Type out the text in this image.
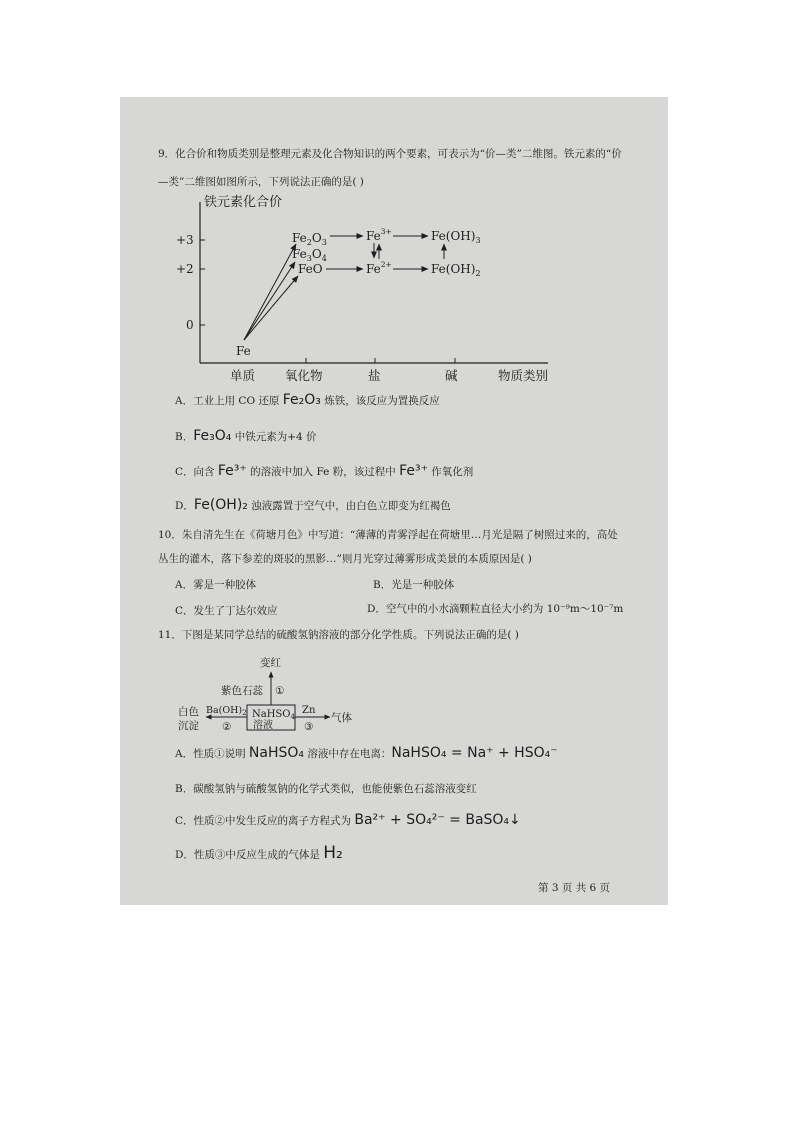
9．化合价和物质类别是整理元素及化合物知识的两个要素，可表示为“价—类”二维图。铁元素的“价
—类”二维图如图所示，下列说法正确的是( )
铁元素化合价
+3
+2
0
单质 氧化物	盐	碱	物质类别
Fe
$Fe_2O_3$
$Fe_3O_4$
FeO
$Fe^{3+}$
$Fe^{2+}$
$Fe(OH)_3$
$Fe(OH)_2$
A．工业上用 CO 还原 Fe₂O₃ 炼铁，该反应为置换反应
B．Fe₃O₄ 中铁元素为+4 价
C．向含 Fe³⁺ 的溶液中加入 Fe 粉，该过程中 Fe³⁺ 作氧化剂
D．Fe(OH)₂ 浊液露置于空气中，由白色立即变为红褐色
10．朱自清先生在《荷塘月色》中写道：“薄薄的青雾浮起在荷塘里…月光是隔了树照过来的，高处
丛生的灌木，落下参差的斑驳的黑影…”则月光穿过薄雾形成美景的本质原因是( )
A．雾是一种胶体	B．光是一种胶体
C．发生了丁达尔效应	D．空气中的小水滴颗粒直径大小约为 10⁻⁹m～10⁻⁷m
11．下图是某同学总结的硫酸氢钠溶液的部分化学性质。下列说法正确的是( )
变红
紫色石蕊 ①
NaHSO$_4$
溶液
$Ba(OH)_2$
②
白色
沉淀
Zn
③
气体
A．性质①说明 NaHSO₄ 溶液中存在电离：NaHSO₄ = Na⁺ + HSO₄⁻
B．碳酸氢钠与硫酸氢钠的化学式类似，也能使紫色石蕊溶液变红
C．性质②中发生反应的离子方程式为 Ba²⁺ + SO₄²⁻ = BaSO₄↓
D．性质③中反应生成的气体是 H₂
第 3 页 共 6 页
